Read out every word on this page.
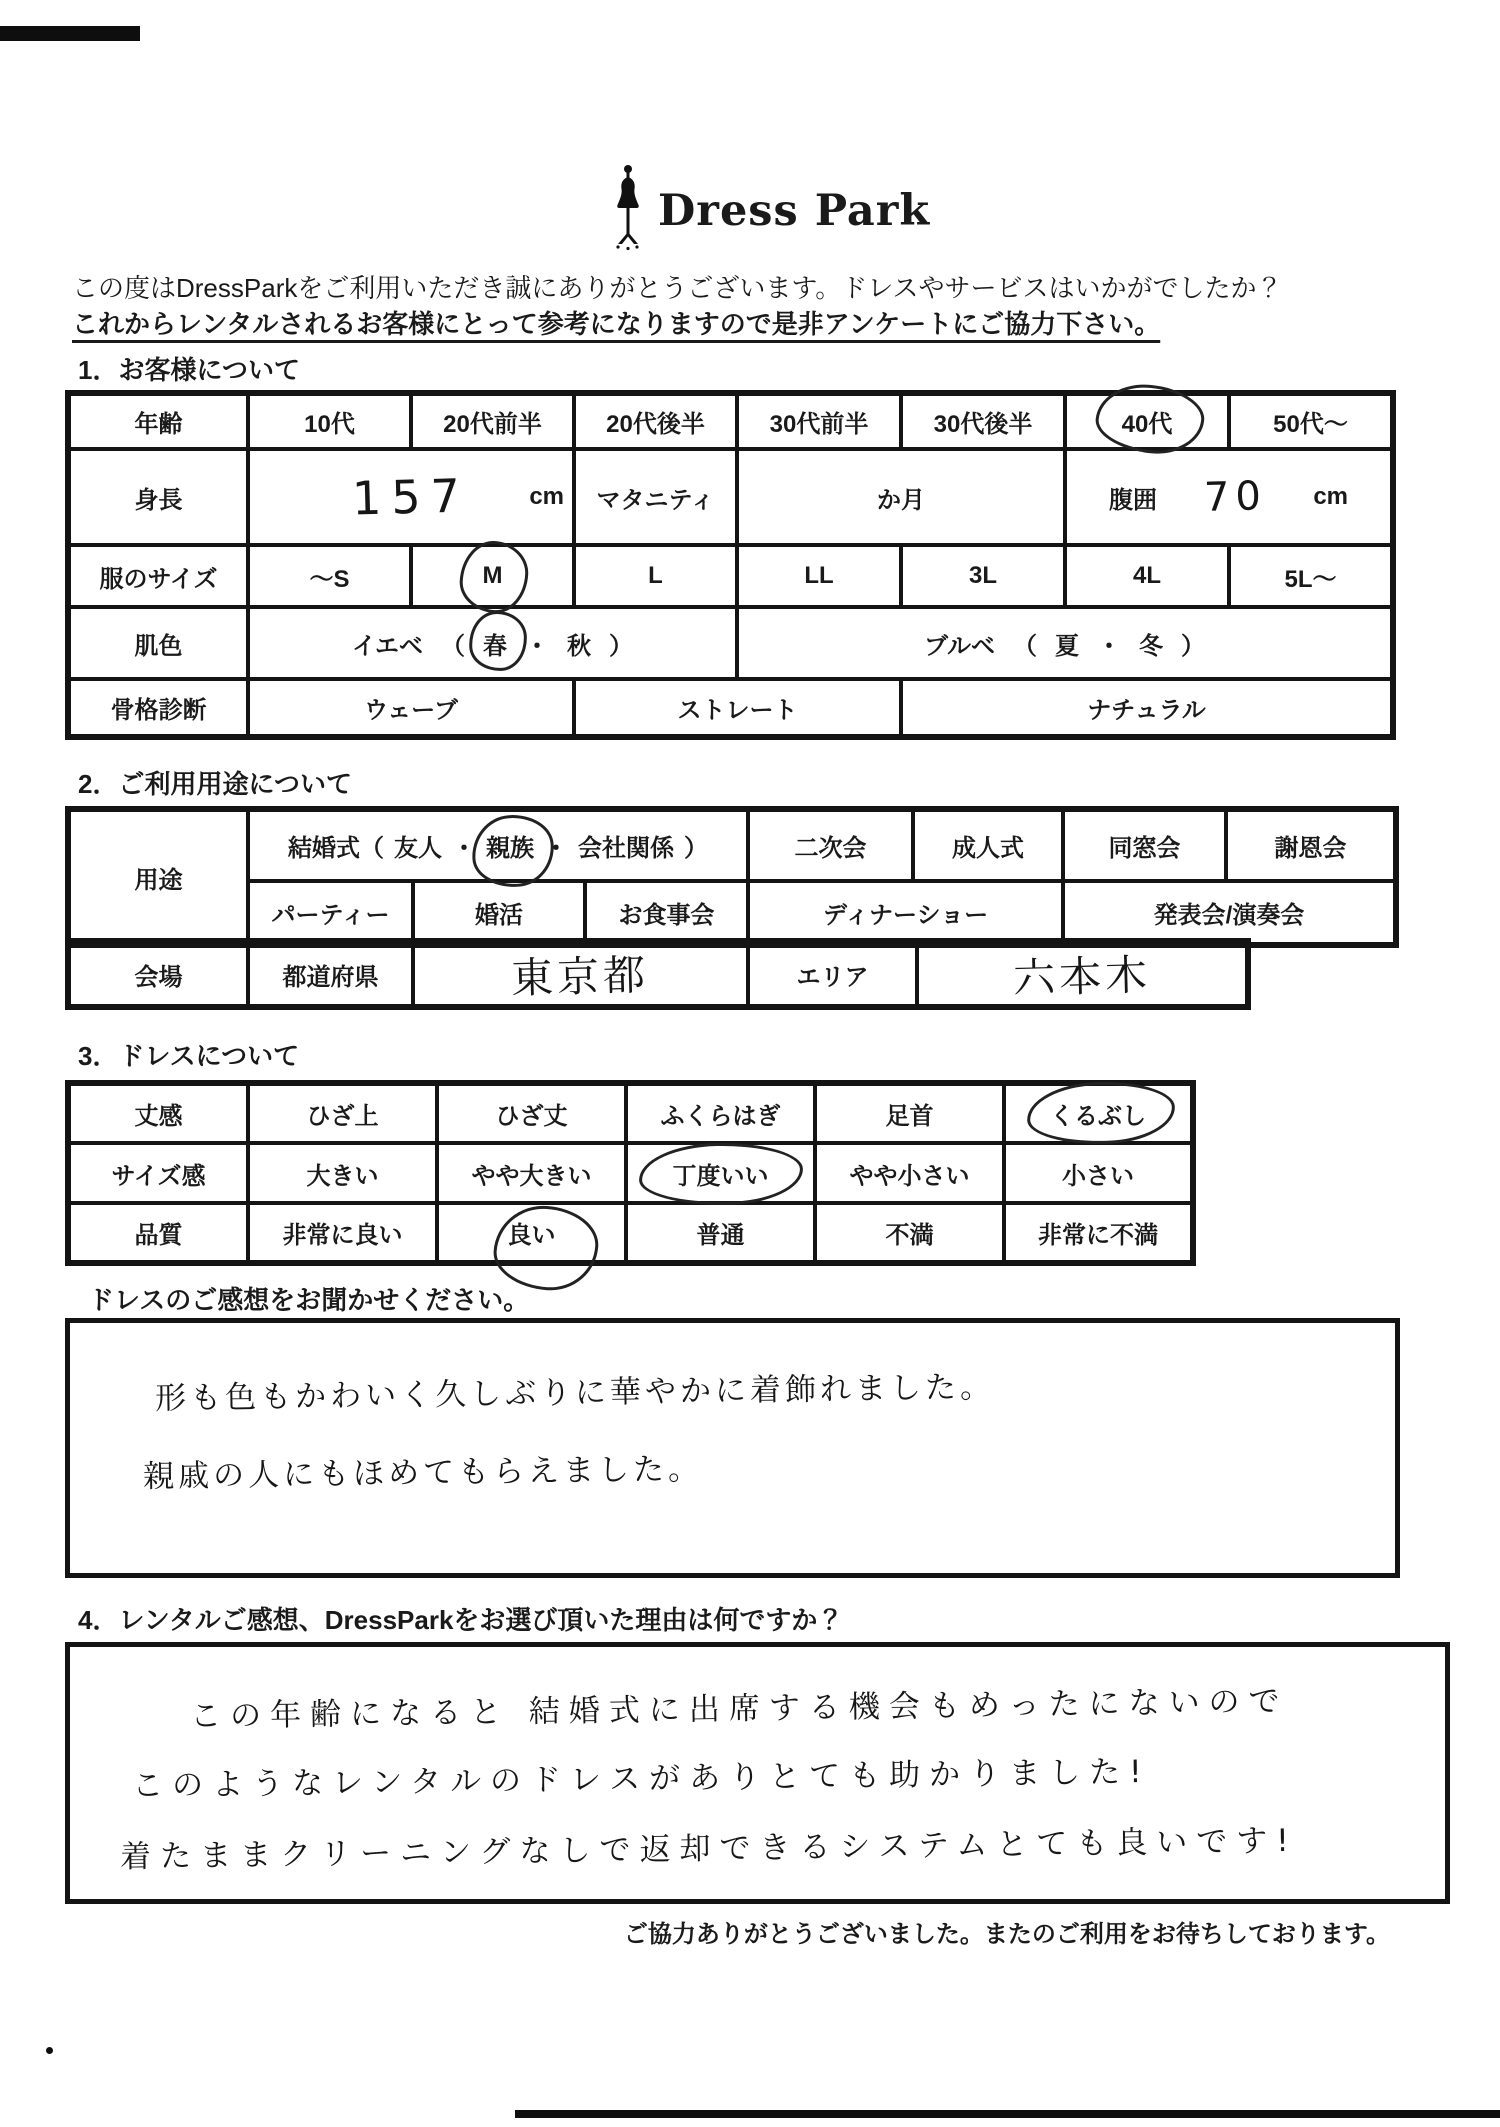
Dress Park
この度はDressParkをご利用いただき誠にありがとうございます。ドレスやサービスはいかがでしたか？
これからレンタルされるお客様にとって参考になりますので是非アンケートにご協力下さい。
1．お客様について
年齢	10代	20代前半	20代後半	30代前半	30代後半	40代	50代～
身長	157 cm		マタニティ	か月		腹囲 70 cm	

服のサイズ	～S	M	L	LL	3L	4L	5L～
肌色	イエベ （ 春 ・ 秋 ）			ブルベ （ 夏 ・ 冬 ）			
骨格診断	ウェーブ		ストレート		ナチュラル		
2．ご利用用途について
用途	結婚式（ 友人 ・ 親族 ・ 会社関係 ）			二次会	成人式	同窓会	謝恩会
	パーティー	婚活	お食事会	ディナーショー		発表会/演奏会	
会場	都道府県	東京都	エリア	六本木
3．ドレスについて
丈感	ひざ上	ひざ丈	ふくらはぎ	足首	くるぶし
サイズ感	大きい	やや大きい	丁度いい	やや小さい	小さい
品質	非常に良い	良い	普通	不満	非常に不満
ドレスのご感想をお聞かせください。
形も色もかわいく久しぶりに華やかに着飾れました。
親戚の人にもほめてもらえました。
4．レンタルご感想、DressParkをお選び頂いた理由は何ですか？
この年齢になると 結婚式に出席する機会もめったにないので
このようなレンタルのドレスがありとても助かりました!
着たままクリーニングなしで返却できるシステムとても良いです!
ご協力ありがとうございました。またのご利用をお待ちしております。
